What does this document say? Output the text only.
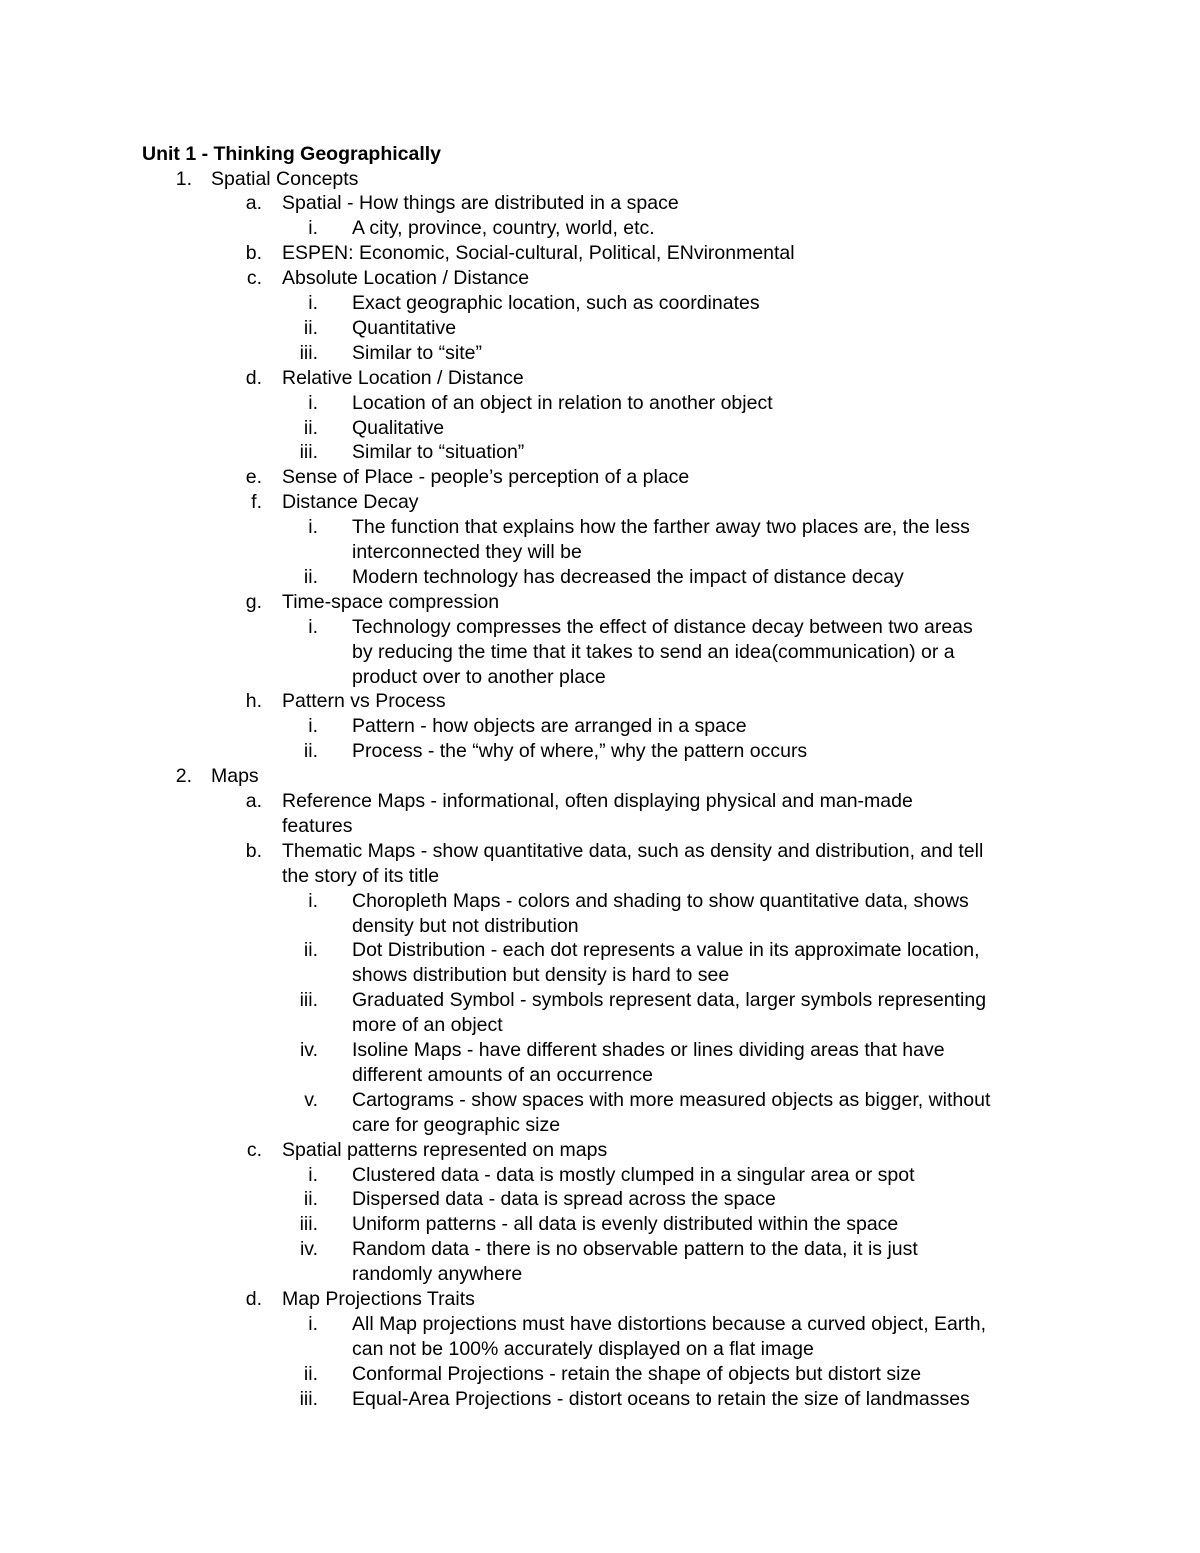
Unit 1 - Thinking Geographically
1. Spatial Concepts
a. Spatial - How things are distributed in a space
i. A city, province, country, world, etc.
b. ESPEN: Economic, Social-cultural, Political, ENvironmental
c. Absolute Location / Distance
i. Exact geographic location, such as coordinates
ii. Quantitative
iii. Similar to “site”
d. Relative Location / Distance
i. Location of an object in relation to another object
ii. Qualitative
iii. Similar to “situation”
e. Sense of Place - people’s perception of a place
f. Distance Decay
i. The function that explains how the farther away two places are, the less
interconnected they will be
ii. Modern technology has decreased the impact of distance decay
g. Time-space compression
i. Technology compresses the effect of distance decay between two areas
by reducing the time that it takes to send an idea(communication) or a
product over to another place
h. Pattern vs Process
i. Pattern - how objects are arranged in a space
ii. Process - the “why of where,” why the pattern occurs
2. Maps
a. Reference Maps - informational, often displaying physical and man-made
features
b. Thematic Maps - show quantitative data, such as density and distribution, and tell
the story of its title
i. Choropleth Maps - colors and shading to show quantitative data, shows
density but not distribution
ii. Dot Distribution - each dot represents a value in its approximate location,
shows distribution but density is hard to see
iii. Graduated Symbol - symbols represent data, larger symbols representing
more of an object
iv. Isoline Maps - have different shades or lines dividing areas that have
different amounts of an occurrence
v. Cartograms - show spaces with more measured objects as bigger, without
care for geographic size
c. Spatial patterns represented on maps
i. Clustered data - data is mostly clumped in a singular area or spot
ii. Dispersed data - data is spread across the space
iii. Uniform patterns - all data is evenly distributed within the space
iv. Random data - there is no observable pattern to the data, it is just
randomly anywhere
d. Map Projections Traits
i. All Map projections must have distortions because a curved object, Earth,
can not be 100% accurately displayed on a flat image
ii. Conformal Projections - retain the shape of objects but distort size
iii. Equal-Area Projections - distort oceans to retain the size of landmasses
